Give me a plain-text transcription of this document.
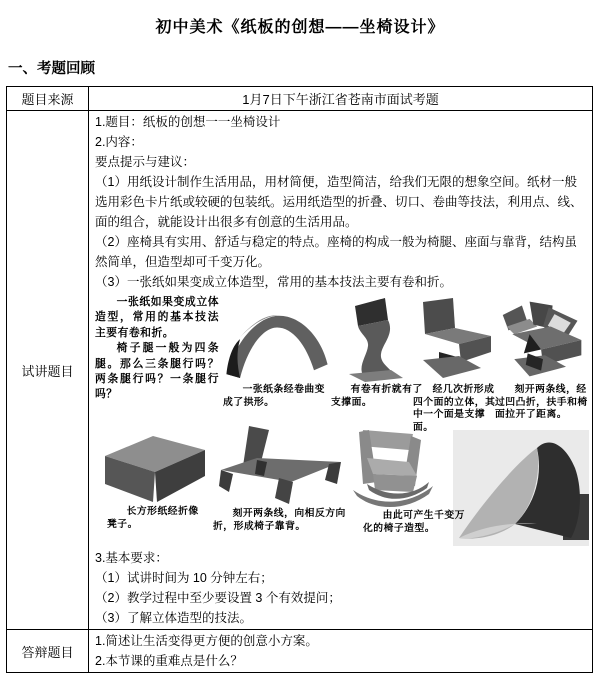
初中美术《纸板的创想——坐椅设计》
一、考题回顾
题目来源	1月7日下午浙江省苍南市面试考题
试讲题目	

1.题目：纸板的创想一一坐椅设计

2.内容：

要点提示与建议：

（1）用纸设计制作生活用品，用材简便，造型简洁，给我们无限的想象空间。纸材一般选用彩色卡片纸或较硬的包装纸。运用纸造型的折叠、切口、卷曲等技法，利用点、线、面的组合，就能设计出很多有创意的生活用品。

（2）座椅具有实用、舒适与稳定的特点。座椅的构成一般为椅腿、座面与靠背，结构虽然简单，但造型却可千变万化。

（3）一张纸如果变成立体造型，常用的基本技法主要有卷和折。

一张纸如果变成立体造型，常用的基本技法主要有卷和折。

椅子腿一般为四条腿。那么三条腿行吗？两条腿行吗？一条腿行吗？	一张纸条经卷曲变成了拱形。
有卷有折就有了支撑面。
经几次折形成四个面的立体，其中一个面是支撑面。
刻开两条线，经过凹凸折，扶手和椅面拉开了距离。
长方形纸经折像凳子。
刻开两条线，向相反方向折，形成椅子靠背。
由此可产生千变万化的椅子造型。

3.基本要求：

（1）试讲时间为 10 分钟左右；

（2）教学过程中至少要设置 3 个有效提问；

（3）了解立体造型的技法。

答辩题目	1.简述让生活变得更方便的创意小方案。

2.本节课的重难点是什么？
